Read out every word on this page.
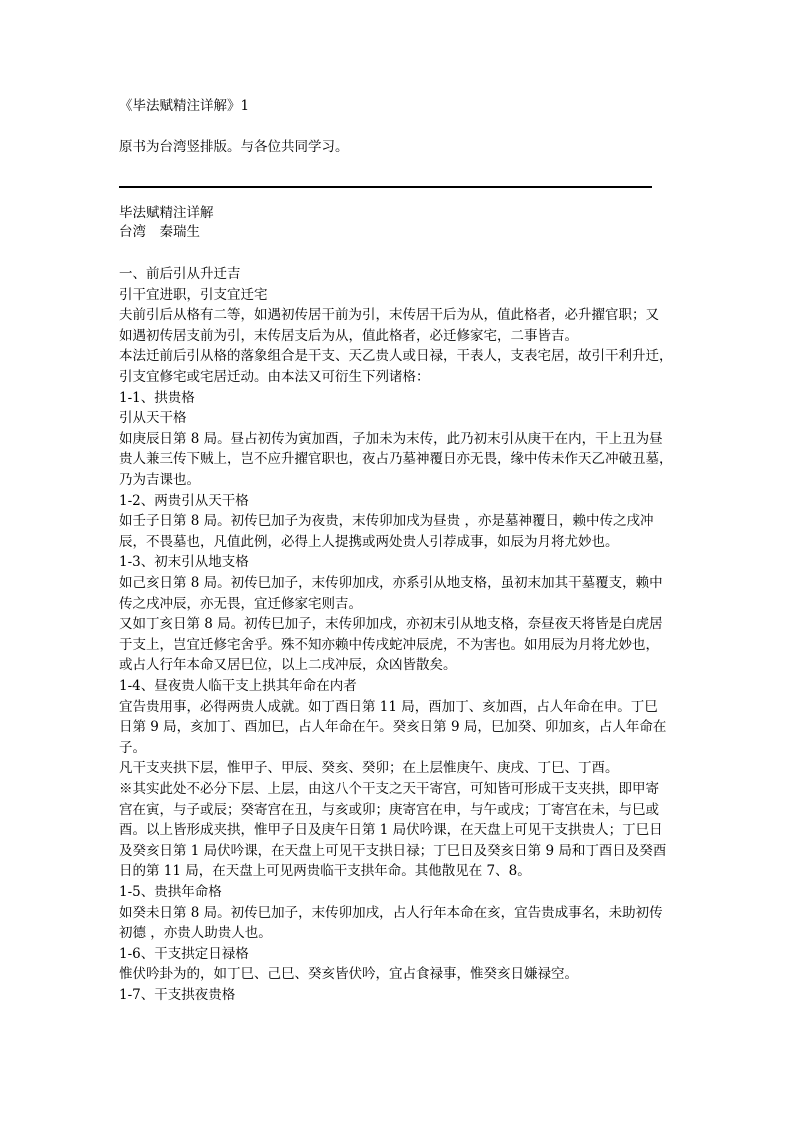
《毕法赋精注详解》1
原书为台湾竖排版。与各位共同学习。
毕法赋精注详解
台湾　秦瑞生
一、前后引从升迁吉
引干宜进职，引支宜迁宅
夫前引后从格有二等，如遇初传居干前为引，末传居干后为从，值此格者，必升擢官职；又
如遇初传居支前为引，末传居支后为从，值此格者，必迁修家宅，二事皆吉。
本法迁前后引从格的落象组合是干支、天乙贵人或日禄，干表人，支表宅居，故引干利升迁，
引支宜修宅或宅居迁动。由本法又可衍生下列诸格：
1-1、拱贵格
引从天干格
如庚辰日第 8 局。昼占初传为寅加酉，子加未为末传，此乃初末引从庚干在内，干上丑为昼
贵人兼三传下贼上，岂不应升擢官职也，夜占乃墓神覆日亦无畏，缘中传未作天乙冲破丑墓，
乃为吉课也。
1-2、两贵引从天干格
如壬子日第 8 局。初传巳加子为夜贵，末传卯加戌为昼贵 ，亦是墓神覆日，赖中传之戌冲
辰，不畏墓也，凡值此例，必得上人提携或两处贵人引荐成事，如辰为月将尤妙也。
1-3、初末引从地支格
如己亥日第 8 局。初传巳加子，末传卯加戌，亦系引从地支格，虽初末加其干墓覆支，赖中
传之戌冲辰，亦无畏，宜迁修家宅则吉。
又如丁亥日第 8 局。初传巳加子，末传卯加戌，亦初末引从地支格，奈昼夜天将皆是白虎居
于支上，岂宜迁修宅舍乎。殊不知亦赖中传戌蛇冲辰虎，不为害也。如用辰为月将尤妙也，
或占人行年本命又居巳位，以上二戌冲辰，众凶皆散矣。
1-4、昼夜贵人临干支上拱其年命在内者
宜告贵用事，必得两贵人成就。如丁酉日第 11 局，酉加丁、亥加酉，占人年命在申。丁巳
日第 9 局，亥加丁、酉加巳，占人年命在午。癸亥日第 9 局，巳加癸、卯加亥，占人年命在
子。
凡干支夹拱下层，惟甲子、甲辰、癸亥、癸卯；在上层惟庚午、庚戌、丁巳、丁酉。
※其实此处不必分下层、上层，由这八个干支之天干寄宫，可知皆可形成干支夹拱，即甲寄
宫在寅，与子或辰；癸寄宫在丑，与亥或卯；庚寄宫在申，与午或戌；丁寄宫在未，与巳或
酉。以上皆形成夹拱，惟甲子日及庚午日第 1 局伏吟课，在天盘上可见干支拱贵人；丁巳日
及癸亥日第 1 局伏吟课，在天盘上可见干支拱日禄；丁巳日及癸亥日第 9 局和丁酉日及癸酉
日的第 11 局，在天盘上可见两贵临干支拱年命。其他散见在 7、8。
1-5、贵拱年命格
如癸未日第 8 局。初传巳加子，末传卯加戌，占人行年本命在亥，宜告贵成事名，未助初传
初德 ，亦贵人助贵人也。
1-6、干支拱定日禄格
惟伏吟卦为的，如丁巳、己巳、癸亥皆伏吟，宜占食禄事，惟癸亥日嫌禄空。
1-7、干支拱夜贵格
